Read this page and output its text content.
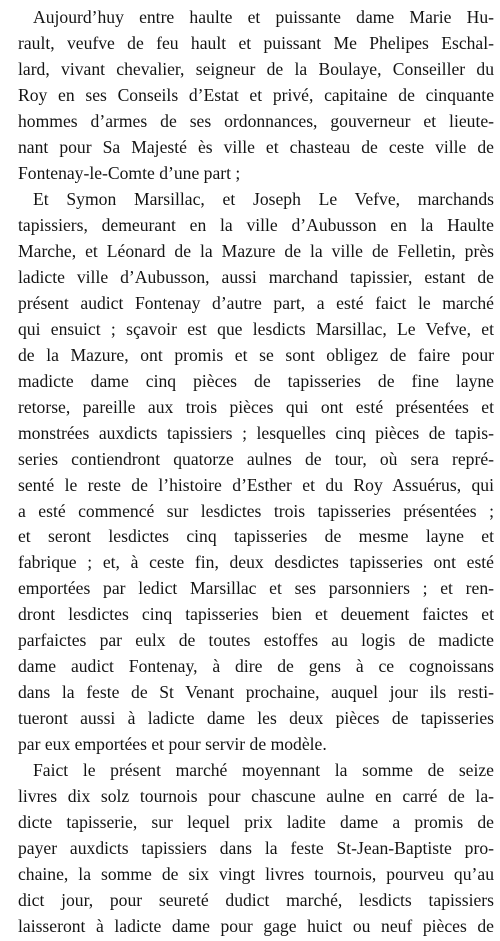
Aujourd’huy entre haulte et puissante dame Marie Hu-
rault, veufve de feu hault et puissant Me Phelipes Eschal-
lard, vivant chevalier, seigneur de la Boulaye, Conseiller du
Roy en ses Conseils d’Estat et privé, capitaine de cinquante
hommes d’armes de ses ordonnances, gouverneur et lieute-
nant pour Sa Majesté ès ville et chasteau de ceste ville de
Fontenay-le-Comte d’une part ;
Et Symon Marsillac, et Joseph Le Vefve, marchands
tapissiers, demeurant en la ville d’Aubusson en la Haulte
Marche, et Léonard de la Mazure de la ville de Felletin, près
ladicte ville d’Aubusson, aussi marchand tapissier, estant de
présent audict Fontenay d’autre part, a esté faict le marché
qui ensuict ; sçavoir est que lesdicts Marsillac, Le Vefve, et
de la Mazure, ont promis et se sont obligez de faire pour
madicte dame cinq pièces de tapisseries de fine layne
retorse, pareille aux trois pièces qui ont esté présentées et
monstrées auxdicts tapissiers ; lesquelles cinq pièces de tapis-
series contiendront quatorze aulnes de tour, où sera repré-
senté le reste de l’histoire d’Esther et du Roy Assuérus, qui
a esté commencé sur lesdictes trois tapisseries présentées ;
et seront lesdictes cinq tapisseries de mesme layne et
fabrique ; et, à ceste fin, deux desdictes tapisseries ont esté
emportées par ledict Marsillac et ses parsonniers ; et ren-
dront lesdictes cinq tapisseries bien et deuement faictes et
parfaictes par eulx de toutes estoffes au logis de madicte
dame audict Fontenay, à dire de gens à ce cognoissans
dans la feste de St Venant prochaine, auquel jour ils resti-
tueront aussi à ladicte dame les deux pièces de tapisseries
par eux emportées et pour servir de modèle.
Faict le présent marché moyennant la somme de seize
livres dix solz tournois pour chascune aulne en carré de la-
dicte tapisserie, sur lequel prix ladite dame a promis de
payer auxdicts tapissiers dans la feste St-Jean-Baptiste pro-
chaine, la somme de six vingt livres tournois, pourveu qu’au
dict jour, pour seureté dudict marché, lesdicts tapissiers
laisseront à ladicte dame pour gage huict ou neuf pièces de
